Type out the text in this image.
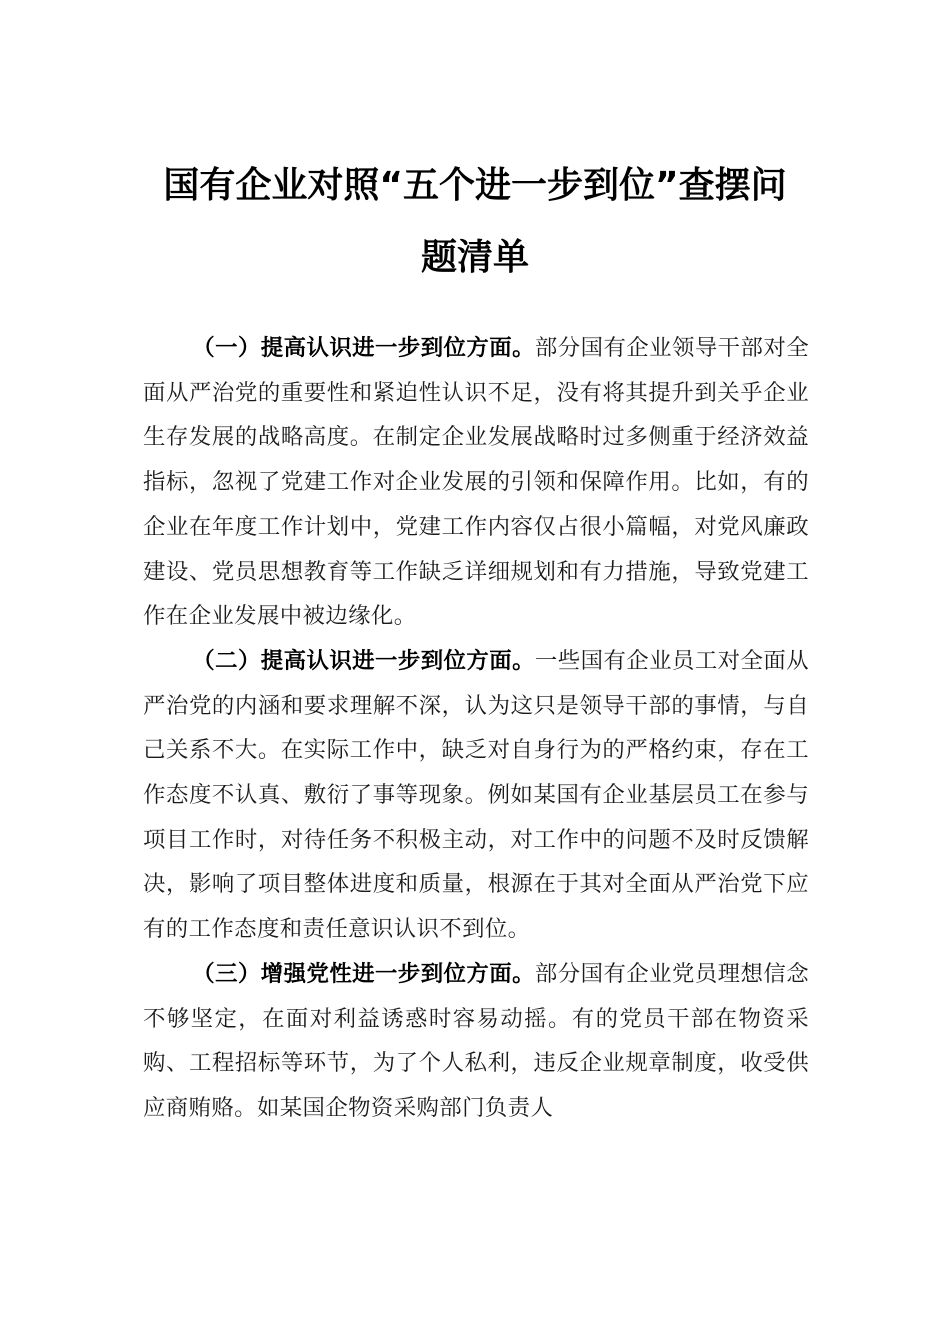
国有企业对照“五个进一步到位”查摆问
题清单

（一）提高认识进一步到位方面。部分国有企业领导干部对全面从严治党的重要性和紧迫性认识不足，没有将其提升到关乎企业生存发展的战略高度。在制定企业发展战略时过多侧重于经济效益指标，忽视了党建工作对企业发展的引领和保障作用。比如，有的企业在年度工作计划中，党建工作内容仅占很小篇幅，对党风廉政建设、党员思想教育等工作缺乏详细规划和有力措施，导致党建工作在企业发展中被边缘化。

（二）提高认识进一步到位方面。一些国有企业员工对全面从严治党的内涵和要求理解不深，认为这只是领导干部的事情，与自己关系不大。在实际工作中，缺乏对自身行为的严格约束，存在工作态度不认真、敷衍了事等现象。例如某国有企业基层员工在参与项目工作时，对待任务不积极主动，对工作中的问题不及时反馈解决，影响了项目整体进度和质量，根源在于其对全面从严治党下应有的工作态度和责任意识认识不到位。

（三）增强党性进一步到位方面。部分国有企业党员理想信念不够坚定，在面对利益诱惑时容易动摇。有的党员干部在物资采购、工程招标等环节，为了个人私利，违反企业规章制度，收受供应商贿赂。如某国企物资采购部门负责人
